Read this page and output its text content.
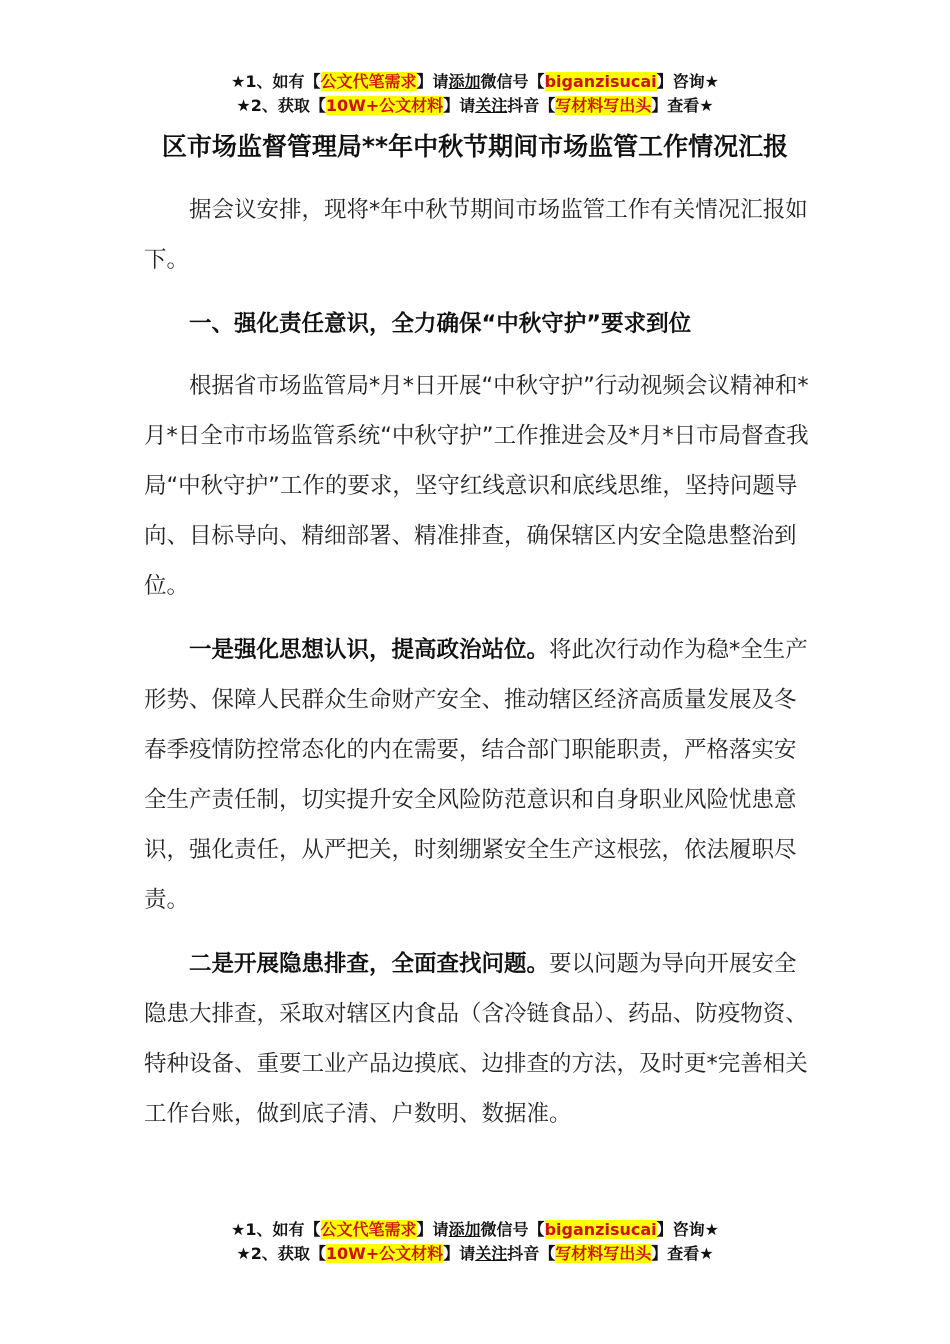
★1、如有【公文代笔需求】请添加微信号【biganzisucai】咨询★
★2、获取【10W+公文材料】请关注抖音【写材料写出头】查看★
区市场监督管理局**年中秋节期间市场监管工作情况汇报

据会议安排，现将*年中秋节期间市场监管工作有关情况汇报如下。

一、强化责任意识，全力确保“中秋守护”要求到位

根据省市场监管局*月*日开展“中秋守护”行动视频会议精神和*月*日全市市场监管系统“中秋守护”工作推进会及*月*日市局督查我局“中秋守护”工作的要求，坚守红线意识和底线思维，坚持问题导向、目标导向、精细部署、精准排查，确保辖区内安全隐患整治到位。

一是强化思想认识，提高政治站位。将此次行动作为稳*全生产形势、保障人民群众生命财产安全、推动辖区经济高质量发展及冬春季疫情防控常态化的内在需要，结合部门职能职责，严格落实安全生产责任制，切实提升安全风险防范意识和自身职业风险忧患意识，强化责任，从严把关，时刻绷紧安全生产这根弦，依法履职尽责。

二是开展隐患排查，全面查找问题。要以问题为导向开展安全隐患大排查，采取对辖区内食品（含冷链食品）、药品、防疫物资、特种设备、重要工业产品边摸底、边排查的方法，及时更*完善相关工作台账，做到底子清、户数明、数据准。

★1、如有【公文代笔需求】请添加微信号【biganzisucai】咨询★
★2、获取【10W+公文材料】请关注抖音【写材料写出头】查看★
